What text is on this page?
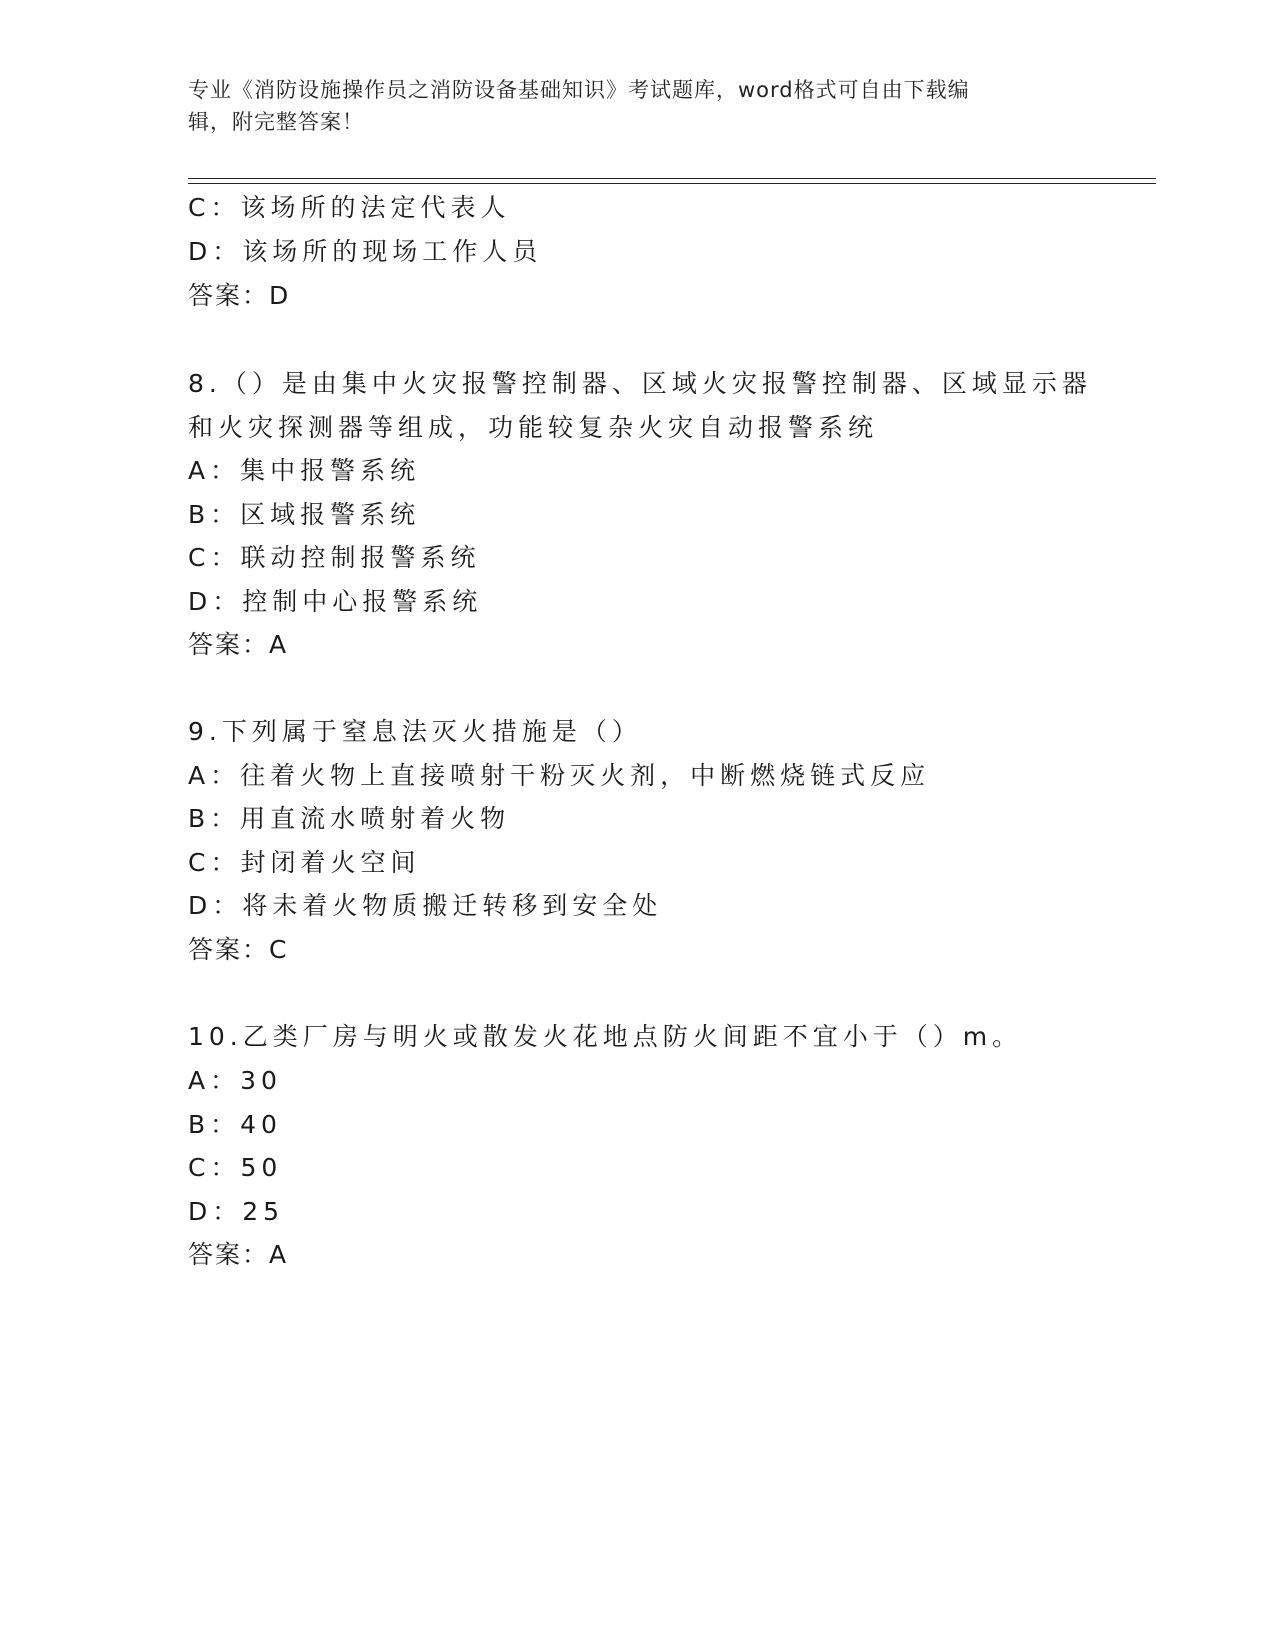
专业《消防设施操作员之消防设备基础知识》考试题库，word格式可自由下载编
辑，附完整答案！
C：该场所的法定代表人
D：该场所的现场工作人员
答案：D
8.（）是由集中火灾报警控制器、区域火灾报警控制器、区域显示器
和火灾探测器等组成，功能较复杂火灾自动报警系统
A：集中报警系统
B：区域报警系统
C：联动控制报警系统
D：控制中心报警系统
答案：A
9.下列属于窒息法灭火措施是（）
A：往着火物上直接喷射干粉灭火剂，中断燃烧链式反应
B：用直流水喷射着火物
C：封闭着火空间
D：将未着火物质搬迁转移到安全处
答案：C
10.乙类厂房与明火或散发火花地点防火间距不宜小于（）m。
A：30
B：40
C：50
D：25
答案：A
